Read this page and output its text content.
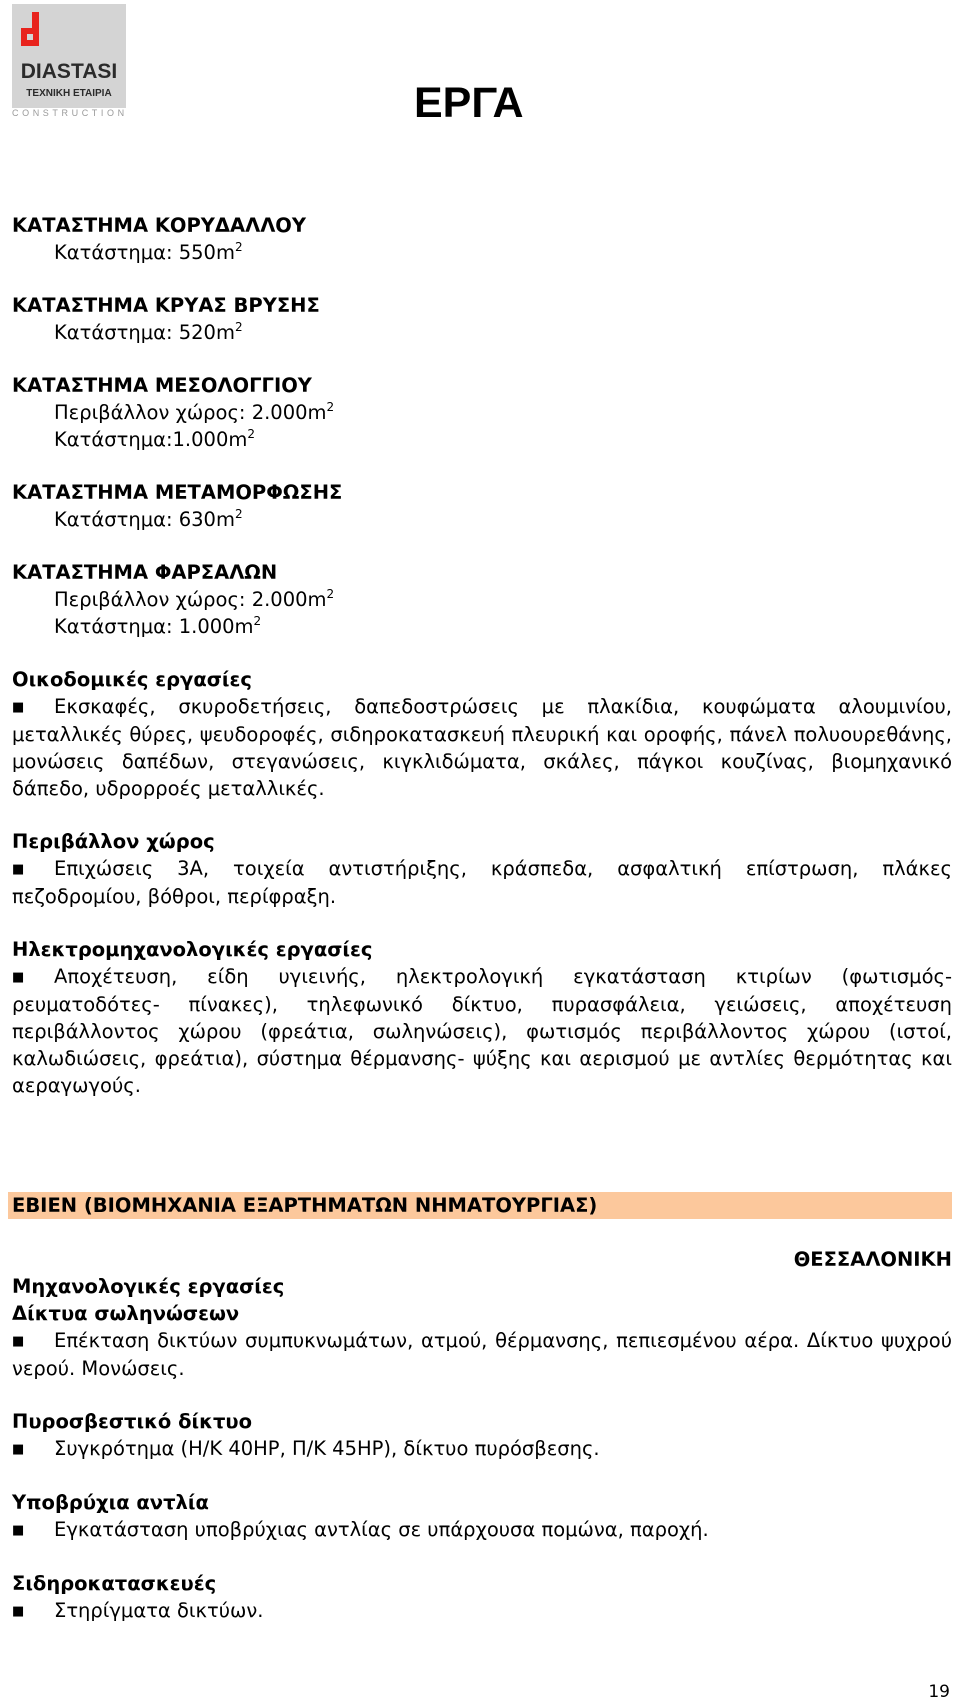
DIASTASI
ΤΕΧΝΙΚΗ ΕΤΑΙΡΙΑ
CONSTRUCTION	ΕΡΓΑ
ΚΑΤΑΣΤΗΜΑ ΚΟΡΥΔΑΛΛΟΥ
Κατάστημα: $550m^2$
ΚΑΤΑΣΤΗΜΑ ΚΡΥΑΣ ΒΡΥΣΗΣ
Κατάστημα: $520m^2$
ΚΑΤΑΣΤΗΜΑ ΜΕΣΟΛΟΓΓΙΟΥ
Περιβάλλον χώρος: $2.000m^2$
$K\alpha\tau ά\sigma\tau\eta\mu\alpha:1.000m^2$
ΚΑΤΑΣΤΗΜΑ ΜΕΤΑΜΟΡΦΩΣΗΣ
Κατάστημα: $630m^2$
ΚΑΤΑΣΤΗΜΑ ΦΑΡΣΑΛΩΝ
Περιβάλλον χώρος: $2.000m^2$
Κατάστημα: $1.000m^2$
Οικοδομικές εργασίες
■ Εκσκαφές, σκυροδετήσεις, δαπεδοστρώσεις με πλακίδια, κουφώματα αλουμινίου, μεταλλικές θύρες, ψευδοροφές, σιδηροκατασκευή πλευρική και οροφής, πάνελ πολυουρεθάνης, μονώσεις δαπέδων, στεγανώσεις, κιγκλιδώματα, σκάλες, πάγκοι κουζίνας, βιομηχανικό δάπεδο, υδρορροές μεταλλικές.
Περιβάλλον χώρος
■ Επιχώσεις 3Α, τοιχεία αντιστήριξης, κράσπεδα, ασφαλτική επίστρωση, πλάκες πεζοδρομίου, βόθροι, περίφραξη.
Ηλεκτρομηχανολογικές εργασίες
■ Αποχέτευση, είδη υγιεινής, ηλεκτρολογική εγκατάσταση κτιρίων (φωτισμός-ρευματοδότες- πίνακες), τηλεφωνικό δίκτυο, πυρασφάλεια, γειώσεις, αποχέτευση περιβάλλοντος χώρου (φρεάτια, σωληνώσεις), φωτισμός περιβάλλοντος χώρου (ιστοί, καλωδιώσεις, φρεάτια), σύστημα θέρμανσης- ψύξης και αερισμού με αντλίες θερμότητας και αεραγωγούς.
ΕΒΙΕΝ (ΒΙΟΜΗΧΑΝΙΑ ΕΞΑΡΤΗΜΑΤΩΝ ΝΗΜΑΤΟΥΡΓΙΑΣ)
ΘΕΣΣΑΛΟΝΙΚΗ
Μηχανολογικές εργασίες
Δίκτυα σωληνώσεων
■ Επέκταση δικτύων συμπυκνωμάτων, ατμού, θέρμανσης, πεπιεσμένου αέρα. Δίκτυο ψυχρού νερού. Μονώσεις.
Πυροσβεστικό δίκτυο
■ Συγκρότημα (Η/Κ 40HP, Π/Κ 45HP), δίκτυο πυρόσβεσης.
Υποβρύχια αντλία
■ Εγκατάσταση υποβρύχιας αντλίας σε υπάρχουσα πομώνα, παροχή.
Σιδηροκατασκευές
■ Στηρίγματα δικτύων.
19
